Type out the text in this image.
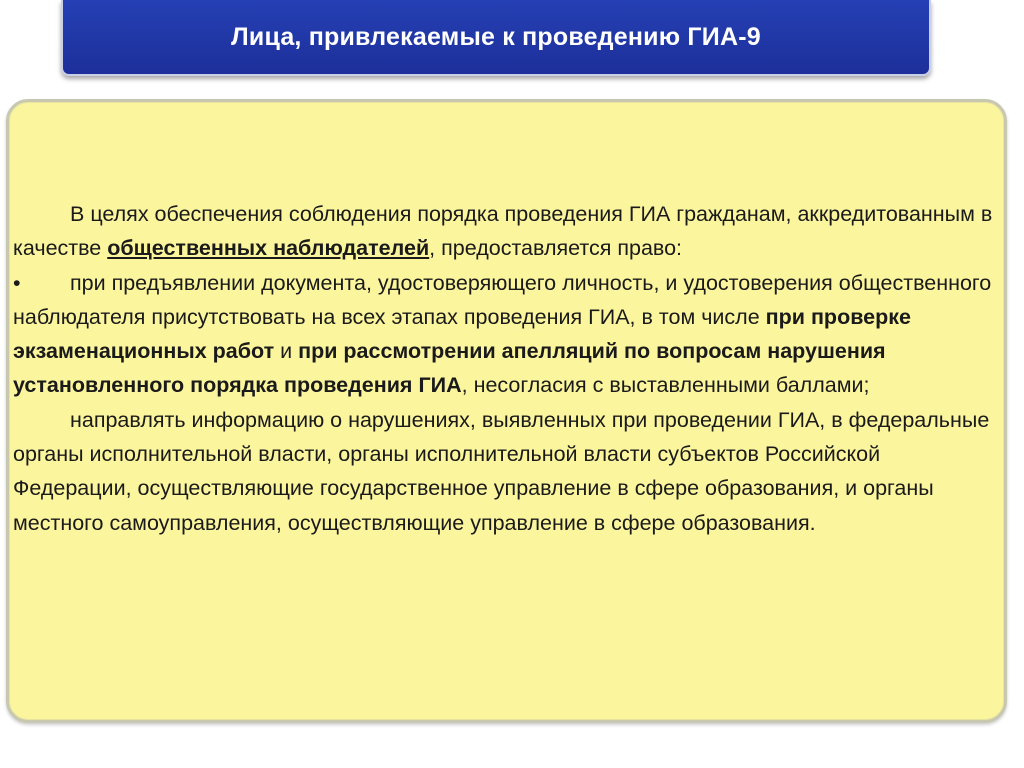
Лица, привлекаемые к проведению ГИА-9

В целях обеспечения соблюдения порядка проведения ГИА гражданам, аккредитованным в качестве общественных наблюдателей, предоставляется право:

• при предъявлении документа, удостоверяющего личность, и удостоверения общественного наблюдателя присутствовать на всех этапах проведения ГИА, в том числе при проверке экзаменационных работ и при рассмотрении апелляций по вопросам нарушения установленного порядка проведения ГИА, несогласия с выставленными баллами;

направлять информацию о нарушениях, выявленных при проведении ГИА, в федеральные органы исполнительной власти, органы исполнительной власти субъектов Российской Федерации, осуществляющие государственное управление в сфере образования, и органы местного самоуправления, осуществляющие управление в сфере образования.
